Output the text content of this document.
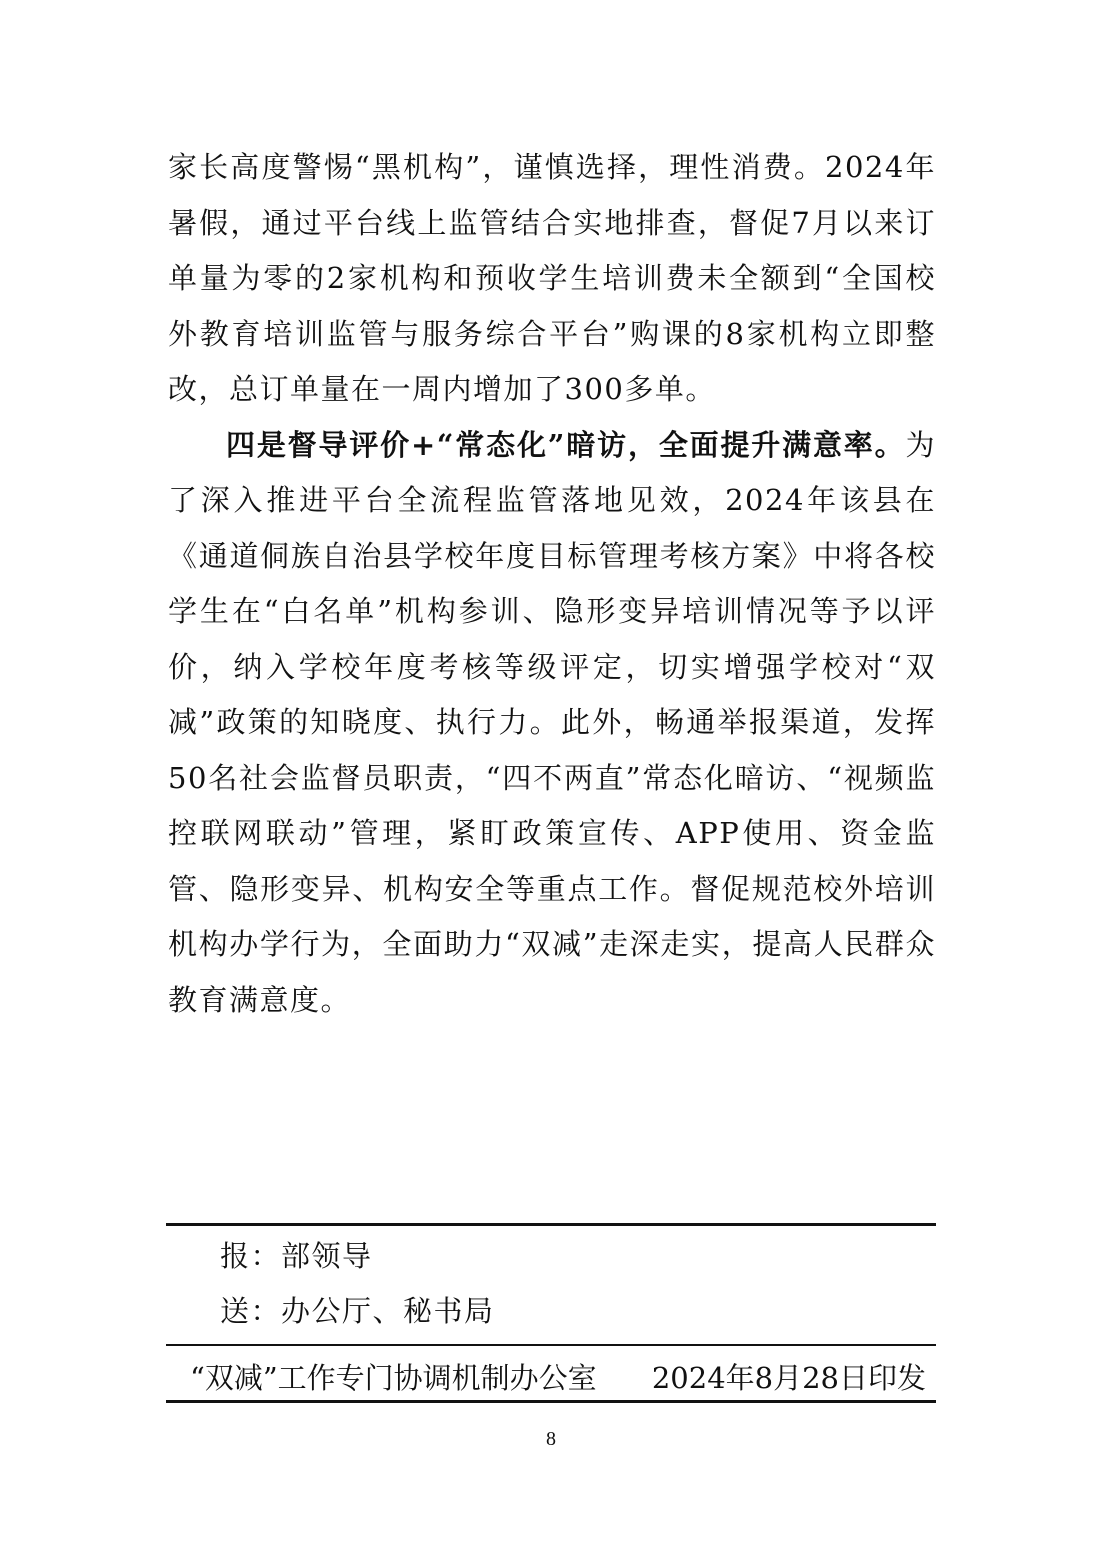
家长高度警惕“黑机构”，谨慎选择，理性消费。2024年暑假，通过平台线上监管结合实地排查，督促7月以来订单量为零的2家机构和预收学生培训费未全额到“全国校外教育培训监管与服务综合平台”购课的8家机构立即整改，总订单量在一周内增加了300多单。

四是督导评价+“常态化”暗访，全面提升满意率。为了深入推进平台全流程监管落地见效，2024年该县在《通道侗族自治县学校年度目标管理考核方案》中将各校学生在“白名单”机构参训、隐形变异培训情况等予以评价，纳入学校年度考核等级评定，切实增强学校对“双减”政策的知晓度、执行力。此外，畅通举报渠道，发挥50名社会监督员职责，“四不两直”常态化暗访、“视频监控联网联动”管理，紧盯政策宣传、APP使用、资金监管、隐形变异、机构安全等重点工作。督促规范校外培训机构办学行为，全面助力“双减”走深走实，提高人民群众教育满意度。

报：部领导
送：办公厅、秘书局
“双减”工作专门协调机制办公室 2024年8月28日印发
8
